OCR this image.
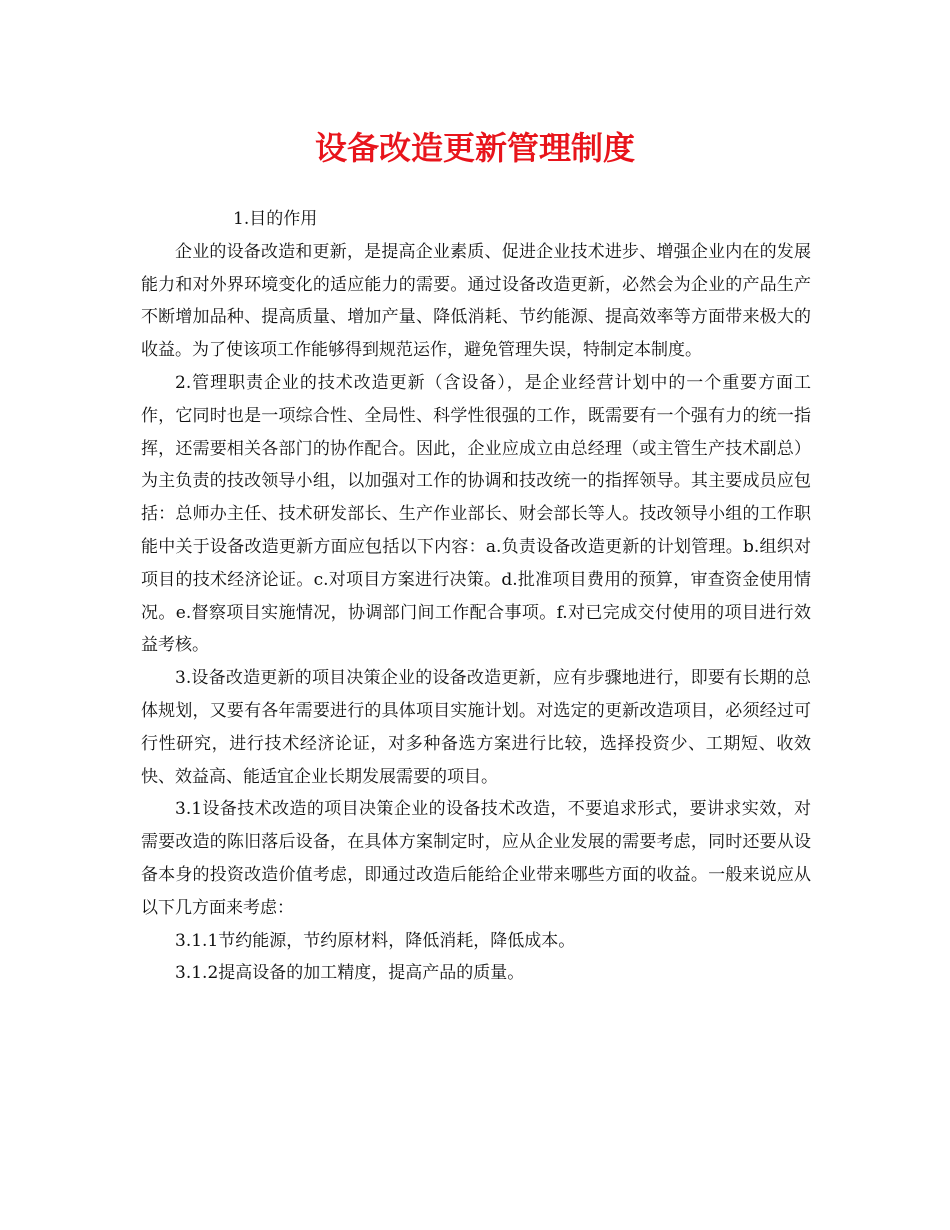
设备改造更新管理制度

1.目的作用

企业的设备改造和更新，是提高企业素质、促进企业技术进步、增强企业内在的发展能力和对外界环境变化的适应能力的需要。通过设备改造更新，必然会为企业的产品生产不断增加品种、提高质量、增加产量、降低消耗、节约能源、提高效率等方面带来极大的收益。为了使该项工作能够得到规范运作，避免管理失误，特制定本制度。

2.管理职责企业的技术改造更新（含设备），是企业经营计划中的一个重要方面工作，它同时也是一项综合性、全局性、科学性很强的工作，既需要有一个强有力的统一指挥，还需要相关各部门的协作配合。因此，企业应成立由总经理（或主管生产技术副总）为主负责的技改领导小组，以加强对工作的协调和技改统一的指挥领导。其主要成员应包括：总师办主任、技术研发部长、生产作业部长、财会部长等人。技改领导小组的工作职能中关于设备改造更新方面应包括以下内容：a.负责设备改造更新的计划管理。b.组织对项目的技术经济论证。c.对项目方案进行决策。d.批准项目费用的预算，审查资金使用情况。e.督察项目实施情况，协调部门间工作配合事项。f.对已完成交付使用的项目进行效益考核。

3.设备改造更新的项目决策企业的设备改造更新，应有步骤地进行，即要有长期的总体规划，又要有各年需要进行的具体项目实施计划。对选定的更新改造项目，必须经过可行性研究，进行技术经济论证，对多种备选方案进行比较，选择投资少、工期短、收效快、效益高、能适宜企业长期发展需要的项目。

3.1设备技术改造的项目决策企业的设备技术改造，不要追求形式，要讲求实效，对需要改造的陈旧落后设备，在具体方案制定时，应从企业发展的需要考虑，同时还要从设备本身的投资改造价值考虑，即通过改造后能给企业带来哪些方面的收益。一般来说应从以下几方面来考虑：

3.1.1节约能源，节约原材料，降低消耗，降低成本。

3.1.2提高设备的加工精度，提高产品的质量。
